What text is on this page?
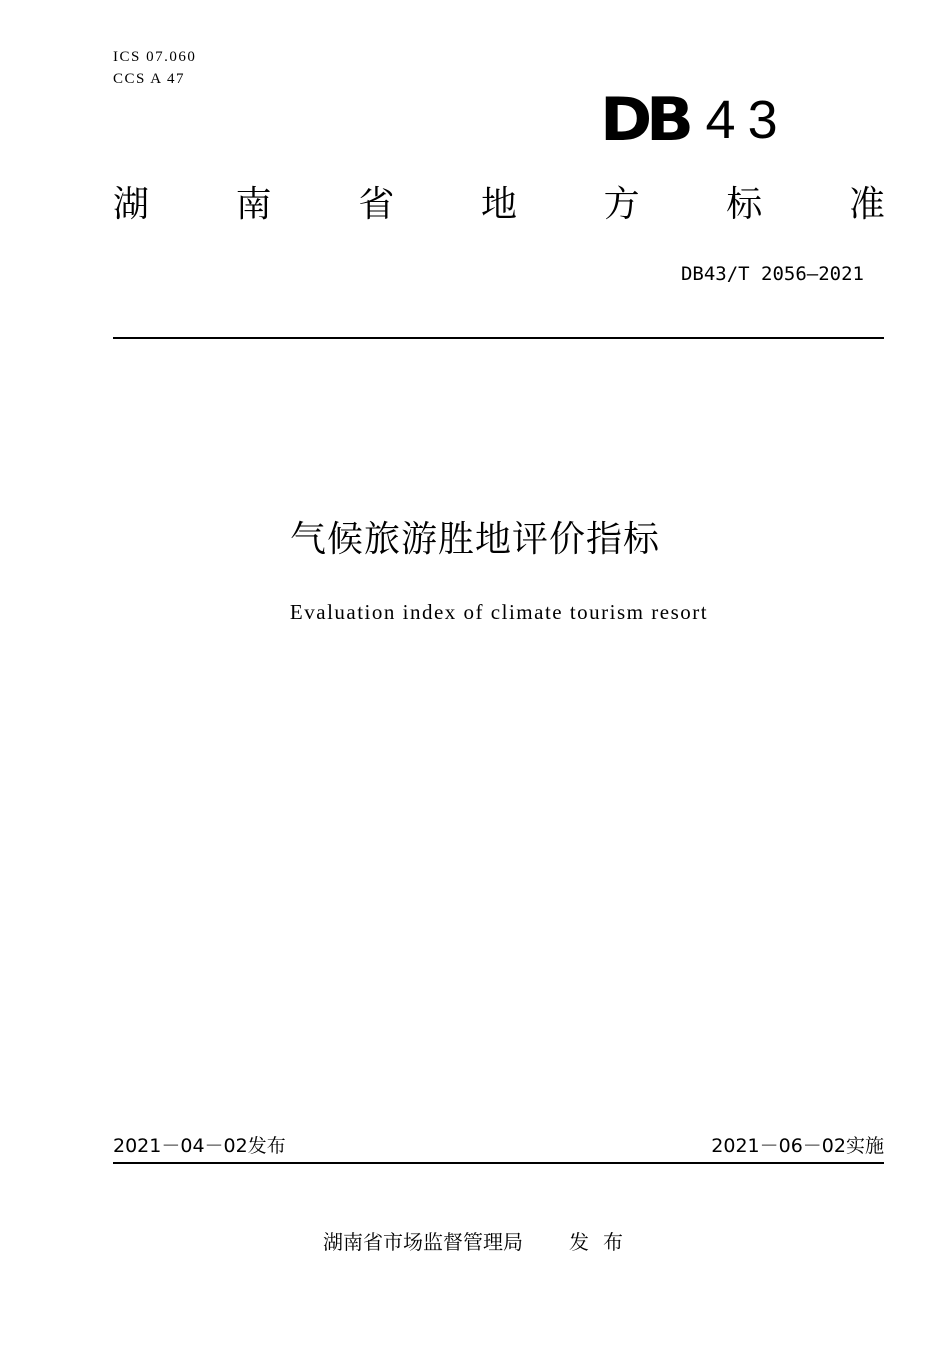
ICS 07.060
CCS A 47
DB 43
湖 南 省 地 方 标 准
DB43/T 2056—2021
气候旅游胜地评价指标
Evaluation index of climate tourism resort
2021－04－02发布	2021－06－02实施
湖南省市场监督管理局 发 布
